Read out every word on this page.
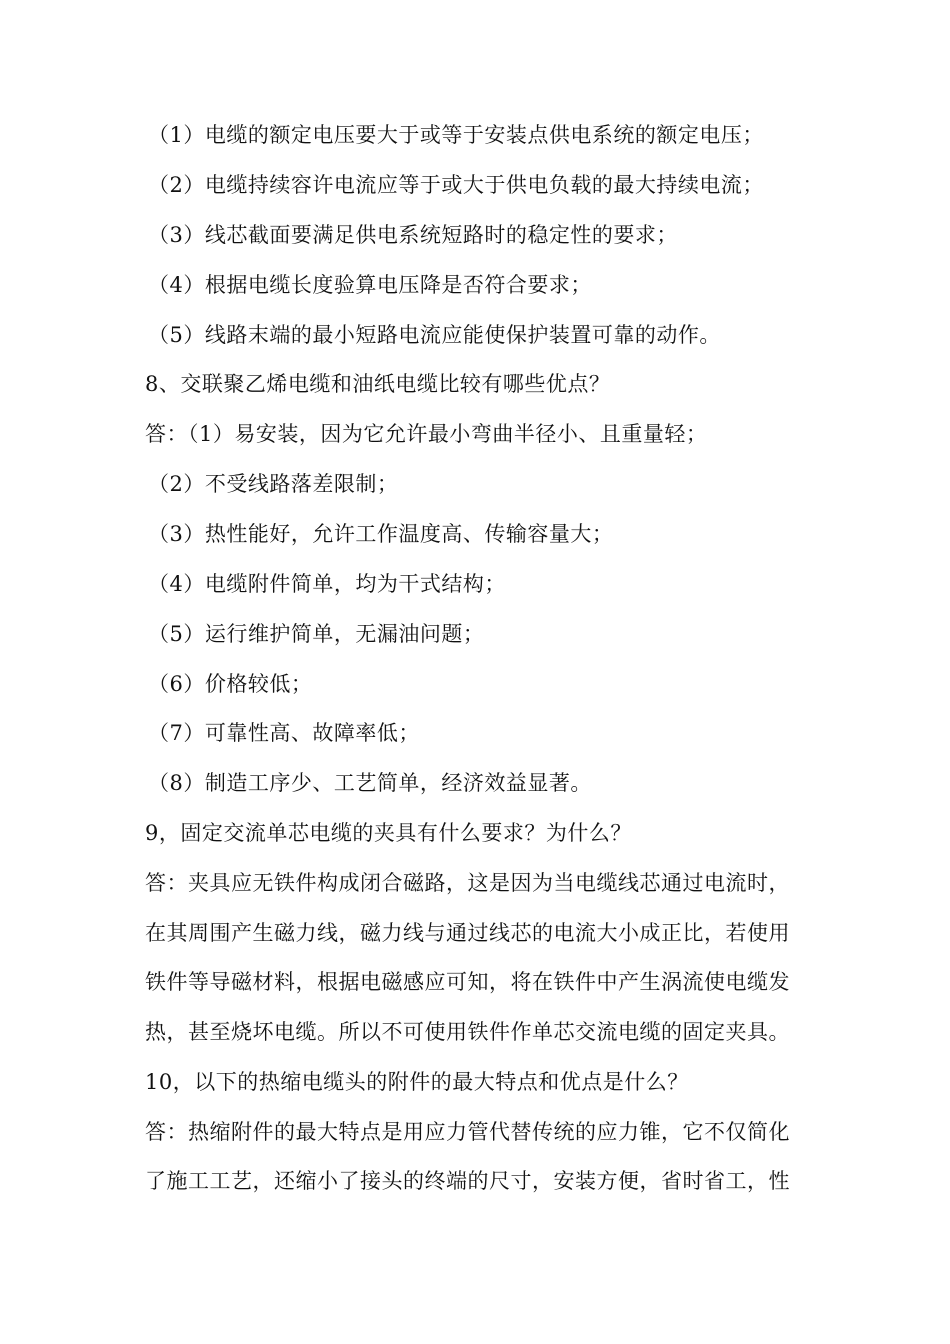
（1）电缆的额定电压要大于或等于安装点供电系统的额定电压；
（2）电缆持续容许电流应等于或大于供电负载的最大持续电流；
（3）线芯截面要满足供电系统短路时的稳定性的要求；
（4）根据电缆长度验算电压降是否符合要求；
（5）线路末端的最小短路电流应能使保护装置可靠的动作。
8、交联聚乙烯电缆和油纸电缆比较有哪些优点？
答：（1）易安装，因为它允许最小弯曲半径小、且重量轻；
（2）不受线路落差限制；
（3）热性能好，允许工作温度高、传输容量大；
（4）电缆附件简单，均为干式结构；
（5）运行维护简单，无漏油问题；
（6）价格较低；
（7）可靠性高、故障率低；
（8）制造工序少、工艺简单，经济效益显著。
9，固定交流单芯电缆的夹具有什么要求？为什么？
答：夹具应无铁件构成闭合磁路，这是因为当电缆线芯通过电流时，
在其周围产生磁力线，磁力线与通过线芯的电流大小成正比，若使用
铁件等导磁材料，根据电磁感应可知，将在铁件中产生涡流使电缆发
热，甚至烧坏电缆。所以不可使用铁件作单芯交流电缆的固定夹具。
10，以下的热缩电缆头的附件的最大特点和优点是什么？
答：热缩附件的最大特点是用应力管代替传统的应力锥，它不仅简化
了施工工艺，还缩小了接头的终端的尺寸，安装方便，省时省工，性
